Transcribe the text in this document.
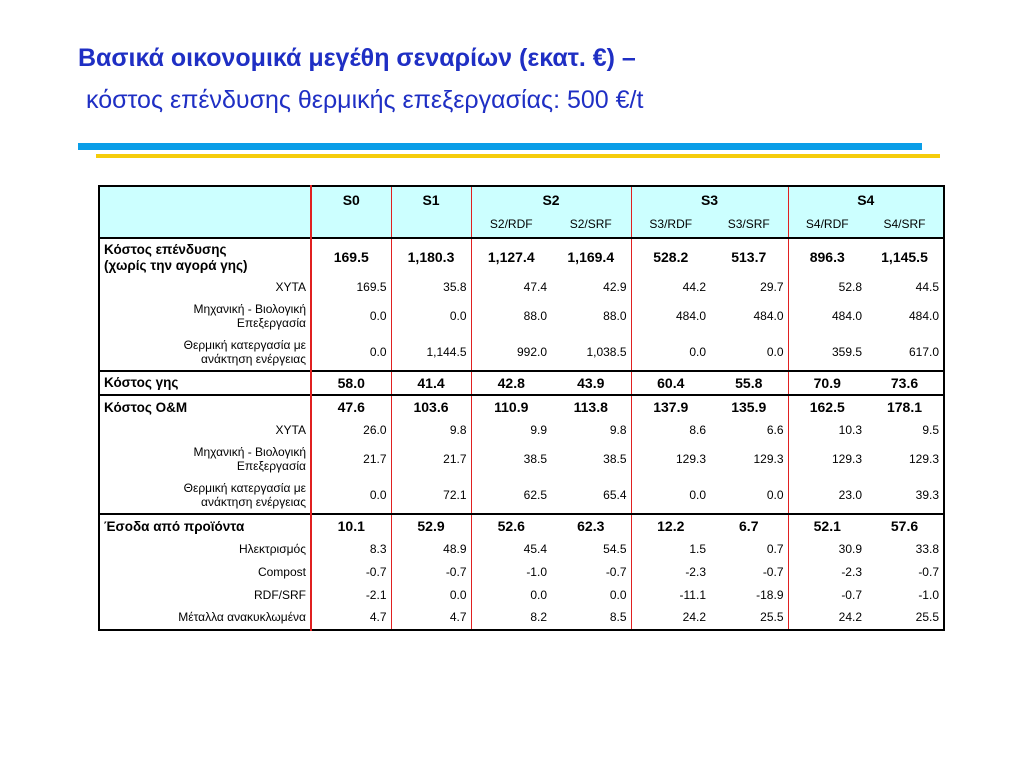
Βασικά οικονομικά μεγέθη σεναρίων (εκατ. €) –
κόστος επένδυσης θερμικής επεξεργασίας: 500 €/t
	S0	S1	S2		S3		S4	
			S2/RDF	S2/SRF	S3/RDF	S3/SRF	S4/RDF	S4/SRF
Κόστος επένδυσης
(χωρίς την αγορά γης)	169.5	1,180.3	1,127.4	1,169.4	528.2	513.7	896.3	1,145.5
ΧΥΤΑ	169.5	35.8	47.4	42.9	44.2	29.7	52.8	44.5
Μηχανική - Βιολογική
Επεξεργασία	0.0	0.0	88.0	88.0	484.0	484.0	484.0	484.0
Θερμική κατεργασία με
ανάκτηση ενέργειας	0.0	1,144.5	992.0	1,038.5	0.0	0.0	359.5	617.0
Κόστος γης	58.0	41.4	42.8	43.9	60.4	55.8	70.9	73.6
Κόστος Ο&Μ	47.6	103.6	110.9	113.8	137.9	135.9	162.5	178.1
ΧΥΤΑ	26.0	9.8	9.9	9.8	8.6	6.6	10.3	9.5
Μηχανική - Βιολογική
Επεξεργασία	21.7	21.7	38.5	38.5	129.3	129.3	129.3	129.3
Θερμική κατεργασία με
ανάκτηση ενέργειας	0.0	72.1	62.5	65.4	0.0	0.0	23.0	39.3
Έσοδα από προϊόντα	10.1	52.9	52.6	62.3	12.2	6.7	52.1	57.6
Ηλεκτρισμός	8.3	48.9	45.4	54.5	1.5	0.7	30.9	33.8
Compost	-0.7	-0.7	-1.0	-0.7	-2.3	-0.7	-2.3	-0.7
RDF/SRF	-2.1	0.0	0.0	0.0	-11.1	-18.9	-0.7	-1.0
Μέταλλα ανακυκλωμένα	4.7	4.7	8.2	8.5	24.2	25.5	24.2	25.5
